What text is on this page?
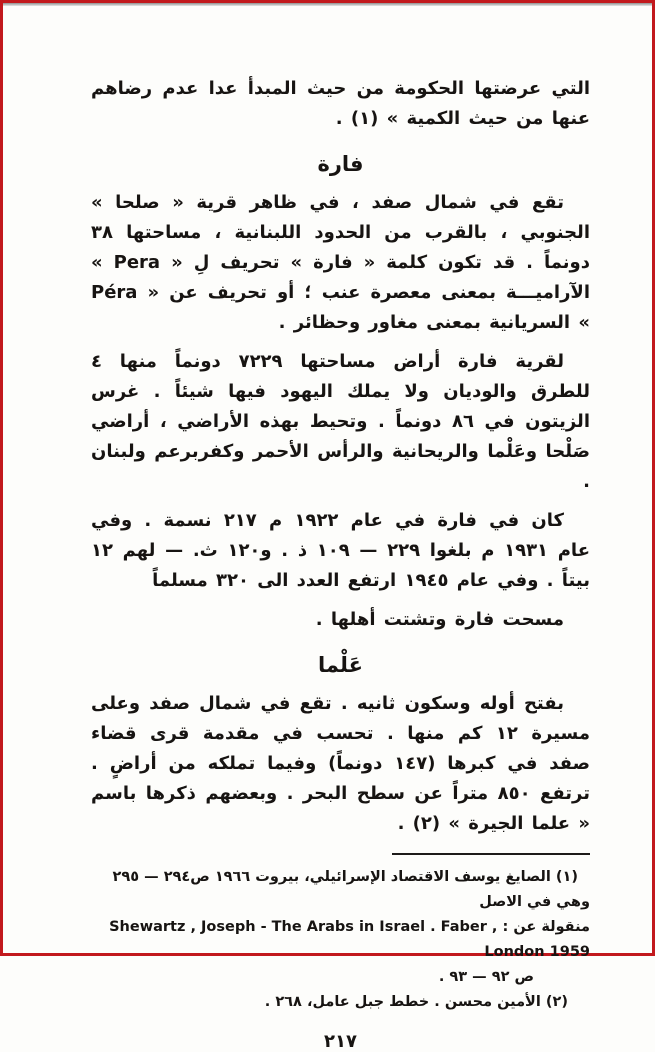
التي عرضتها الحكومة من حيث المبدأ عدا عدم رضاهم عنها من حيث الكمية » (١) .

فارة

تقع في شمال صفد ، في ظاهر قرية « صلحا » الجنوبي ، بالقرب من الحدود اللبنانية ، مساحتها ٣٨ دونماً . قد تكون كلمة « فارة » تحريف لِ « Pera » الآراميـــة بمعنى معصرة عنب ؛ أو تحريف عن « Péra » السريانية بمعنى مغاور وحظائر .

لقرية فارة أراض مساحتها ٧٢٢٩ دونماً منها ٤ للطرق والوديان ولا يملك اليهود فيها شيئاً . غرس الزيتون في ٨٦ دونماً . وتحيط بهذه الأراضي ، أراضي صَلْحا وعَلْما والريحانية والرأس الأحمر وكفربرعم ولبنان .

كان في فارة في عام ١٩٢٢ م ٢١٧ نسمة . وفي عام ١٩٣١ م بلغوا ٢٢٩ — ١٠٩ ذ . و١٢٠ ث. — لهم ١٢ بيتاً . وفي عام ١٩٤٥ ارتفع العدد الى ٣٢٠ مسلماً

مسحت فارة وتشتت أهلها .

عَلْما

بفتح أوله وسكون ثانيه . تقع في شمال صفد وعلى مسيرة ١٢ كم منها . تحسب في مقدمة قرى قضاء صفد في كبرها (١٤٧ دونماً) وفيما تملكه من أراضٍ . ترتفع ٨٥٠ متراً عن سطح البحر . وبعضهم ذكرها باسم « علما الجيرة » (٢) .

(١) الصايغ يوسف الاقتصاد الإسرائيلي، بيروت ١٩٦٦ ص٢٩٤ — ٢٩٥ وهي في الاصل
منقولة عن : Shewartz , Joseph - The Arabs in Israel . Faber , London 1959
ص ٩٢ — ٩٣ .
(٢) الأمين محسن . خطط جبل عامل، ٢٦٨ .
٢١٧
